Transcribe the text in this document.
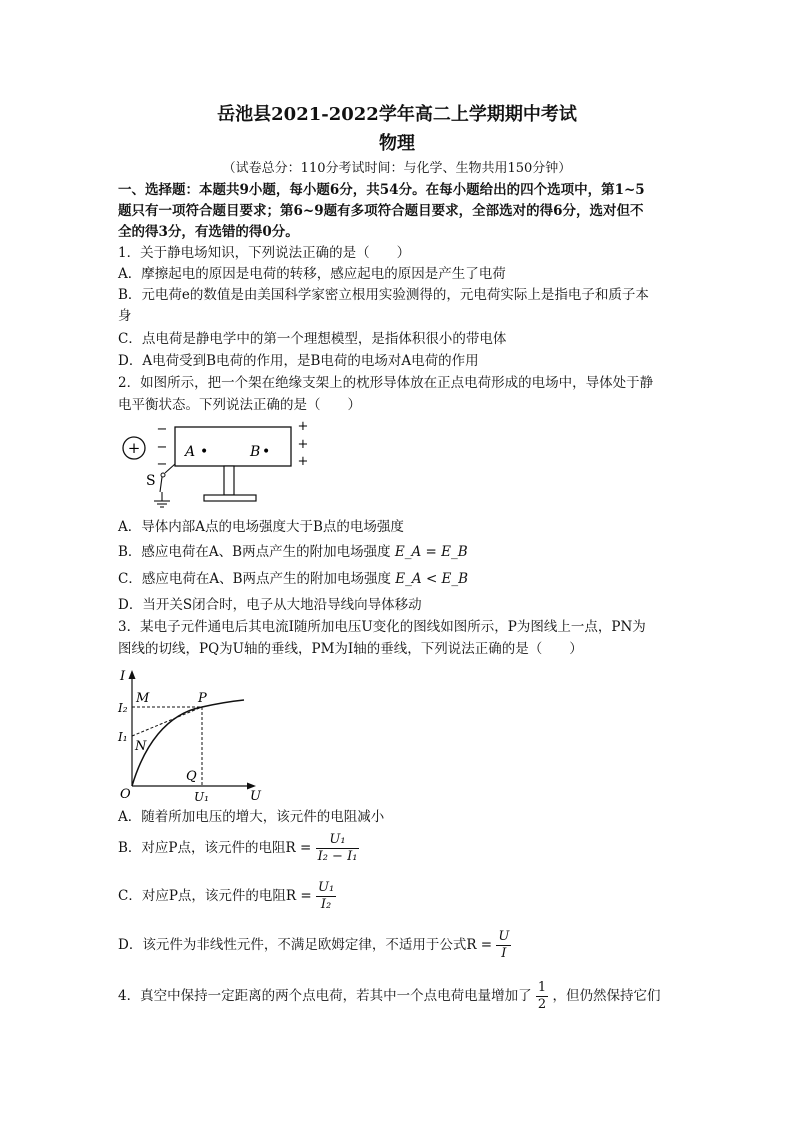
岳池县2021-2022学年高二上学期期中考试
物理
（试卷总分：110分考试时间：与化学、生物共用150分钟）
一、选择题：本题共9小题，每小题6分，共54分。在每小题给出的四个选项中，第1~5
题只有一项符合题目要求；第6~9题有多项符合题目要求，全部选对的得6分，选对但不
全的得3分，有选错的得0分。
1．关于静电场知识，下列说法正确的是（　　）
A．摩擦起电的原因是电荷的转移，感应起电的原因是产生了电荷
B．元电荷e的数值是由美国科学家密立根用实验测得的，元电荷实际上是指电子和质子本
身
C．点电荷是静电学中的第一个理想模型，是指体积很小的带电体
D．A电荷受到B电荷的作用，是B电荷的电场对A电荷的作用
2．如图所示，把一个架在绝缘支架上的枕形导体放在正点电荷形成的电场中，导体处于静
电平衡状态。下列说法正确的是（　　）
+
−
−
−
A •	B •
+
+
+
S
A．导体内部A点的电场强度大于B点的电场强度
B．感应电荷在A、B两点产生的附加电场强度 E_A = E_B
C．感应电荷在A、B两点产生的附加电场强度 E_A < E_B
D．当开关S闭合时，电子从大地沿导线向导体移动
3．某电子元件通电后其电流I随所加电压U变化的图线如图所示，P为图线上一点，PN为
图线的切线，PQ为U轴的垂线，PM为I轴的垂线，下列说法正确的是（　　）
I
U
O
M	P
N
Q
I₂
I₁
U₁
A．随着所加电压的增大，该元件的电阻减小
B．对应P点，该元件的电阻$R = \frac{\text{U₁}}{\text{I₂ − I₁}}$
C．对应P点，该元件的电阻$R = \frac{\text{U₁}}{\text{I₂}}$
D．该元件为非线性元件，不满足欧姆定律，不适用于公式$R = \frac{U}{I}$
4．真空中保持一定距离的两个点电荷，若其中一个点电荷电量增加了 $\frac{1}{2}$ ，但仍然保持它们
